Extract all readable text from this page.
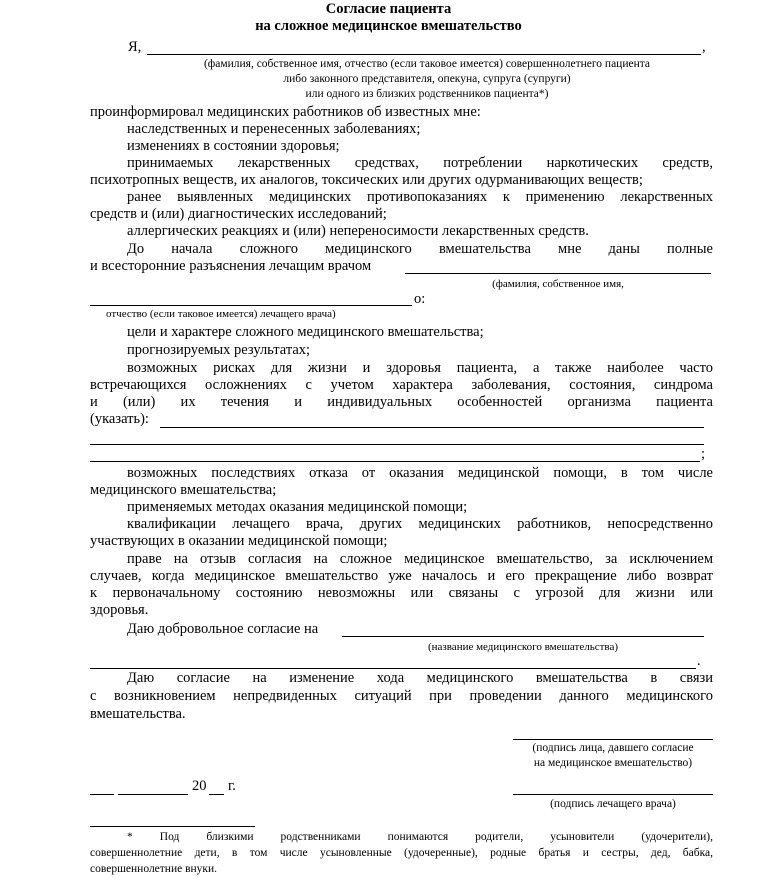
Согласие пациента
на сложное медицинское вмешательство
Я,	,
(фамилия, собственное имя, отчество (если таковое имеется) совершеннолетнего пациента
либо законного представителя, опекуна, супруга (супруги)
или одного из близких родственников пациента*)
проинформировал медицинских работников об известных мне:
наследственных и перенесенных заболеваниях;
изменениях в состоянии здоровья;
принимаемых лекарственных средствах, потреблении наркотических средств,
психотропных веществ, их аналогов, токсических или других одурманивающих веществ;
ранее выявленных медицинских противопоказаниях к применению лекарственных
средств и (или) диагностических исследований;
аллергических реакциях и (или) непереносимости лекарственных средств.
До начала сложного медицинского вмешательства мне даны полные
и всесторонние разъяснения лечащим врачом
(фамилия, собственное имя,
о:
отчество (если таковое имеется) лечащего врача)
цели и характере сложного медицинского вмешательства;
прогнозируемых результатах;
возможных рисках для жизни и здоровья пациента, а также наиболее часто
встречающихся осложнениях с учетом характера заболевания, состояния, синдрома
и (или) их течения и индивидуальных особенностей организма пациента
(указать):
;
возможных последствиях отказа от оказания медицинской помощи, в том числе
медицинского вмешательства;
применяемых методах оказания медицинской помощи;
квалификации лечащего врача, других медицинских работников, непосредственно
участвующих в оказании медицинской помощи;
праве на отзыв согласия на сложное медицинское вмешательство, за исключением
случаев, когда медицинское вмешательство уже началось и его прекращение либо возврат
к первоначальному состоянию невозможны или связаны с угрозой для жизни или
здоровья.
Даю добровольное согласие на
(название медицинского вмешательства)
.
Даю согласие на изменение хода медицинского вмешательства в связи
с возникновением непредвиденных ситуаций при проведении данного медицинского
вмешательства.
(подпись лица, давшего согласие
на медицинское вмешательство)
20 г.
(подпись лечащего врача)
* Под близкими родственниками понимаются родители, усыновители (удочерители),
совершеннолетние дети, в том числе усыновленные (удочеренные), родные братья и сестры, дед, бабка,
совершеннолетние внуки.
